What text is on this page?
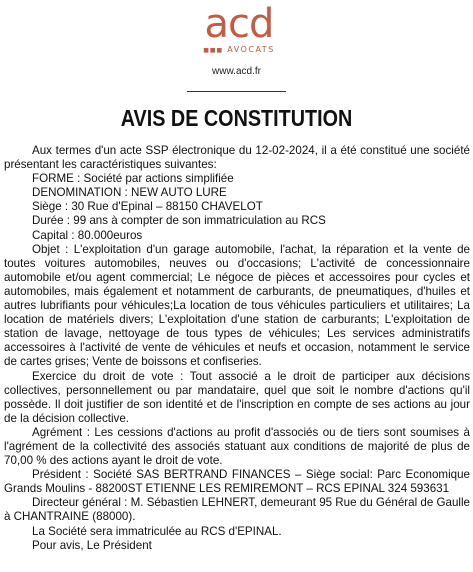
acd
■■■ AVOCATS
www.acd.fr
AVIS DE CONSTITUTION

Aux termes d'un acte SSP électronique du 12-02-2024, il a été constitué une société présentant les caractéristiques suivantes:

FORME : Société par actions simplifiée

DENOMINATION : NEW AUTO LURE

Siège : 30 Rue d'Epinal – 88150 CHAVELOT

Durée : 99 ans à compter de son immatriculation au RCS

Capital : 80.000euros

Objet : L'exploitation d'un garage automobile, l'achat, la réparation et la vente de toutes voitures automobiles, neuves ou d'occasions; L'activité de concessionnaire automobile et/ou agent commercial; Le négoce de pièces et accessoires pour cycles et automobiles, mais également et notamment de carburants, de pneumatiques, d'huiles et autres lubrifiants pour véhicules;La location de tous véhicules particuliers et utilitaires; La location de matériels divers; L'exploitation d'une station de carburants; L'exploitation de station de lavage, nettoyage de tous types de véhicules; Les services administratifs accessoires à l'activité de vente de véhicules et neufs et occasion, notamment le service de cartes grises; Vente de boissons et confiseries.

Exercice du droit de vote : Tout associé a le droit de participer aux décisions collectives, personnellement ou par mandataire, quel que soit le nombre d'actions qu'il possède. Il doit justifier de son identité et de l'inscription en compte de ses actions au jour de la décision collective.

Agrément : Les cessions d'actions au profit d'associés ou de tiers sont soumises à l'agrément de la collectivité des associés statuant aux conditions de majorité de plus de 70,00 % des actions ayant le droit de vote.

Président : Société SAS BERTRAND FINANCES – Siège social: Parc Economique Grands Moulins - 88200ST ETIENNE LES REMIREMONT – RCS EPINAL 324 593631

Directeur général : M. Sébastien LEHNERT, demeurant 95 Rue du Général de Gaulle à CHANTRAINE (88000).

La Société sera immatriculée au RCS d'EPINAL.

Pour avis, Le Président
